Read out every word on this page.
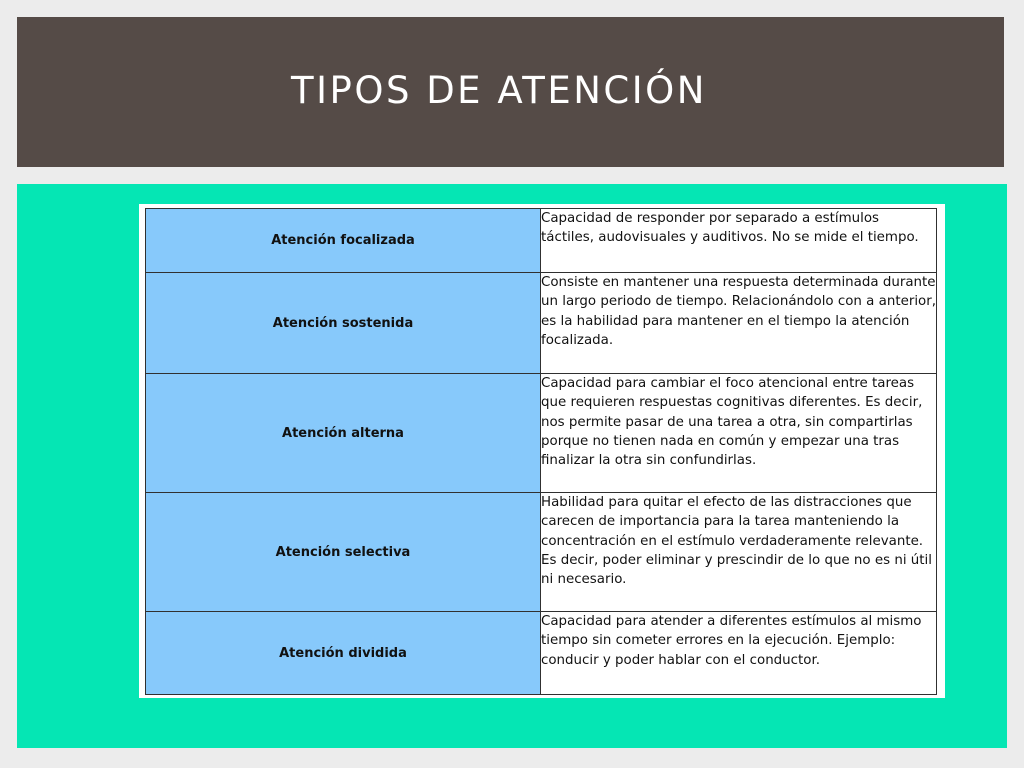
TIPOS DE ATENCIÓN
Atención focalizada	Capacidad de responder por separado a estímulos táctiles, audovisuales y auditivos. No se mide el tiempo.
Atención sostenida	Consiste en mantener una respuesta determinada durante un largo periodo de tiempo. Relacionándolo con a anterior, es la habilidad para mantener en el tiempo la atención focalizada.
Atención alterna	Capacidad para cambiar el foco atencional entre tareas que requieren respuestas cognitivas diferentes. Es decir, nos permite pasar de una tarea a otra, sin compartirlas porque no tienen nada en común y empezar una tras finalizar la otra sin confundirlas.
Atención selectiva	Habilidad para quitar el efecto de las distracciones que carecen de importancia para la tarea manteniendo la concentración en el estímulo verdaderamente relevante. Es decir, poder eliminar y prescindir de lo que no es ni útil ni necesario.
Atención dividida	Capacidad para atender a diferentes estímulos al mismo tiempo sin cometer errores en la ejecución. Ejemplo: conducir y poder hablar con el conductor.
